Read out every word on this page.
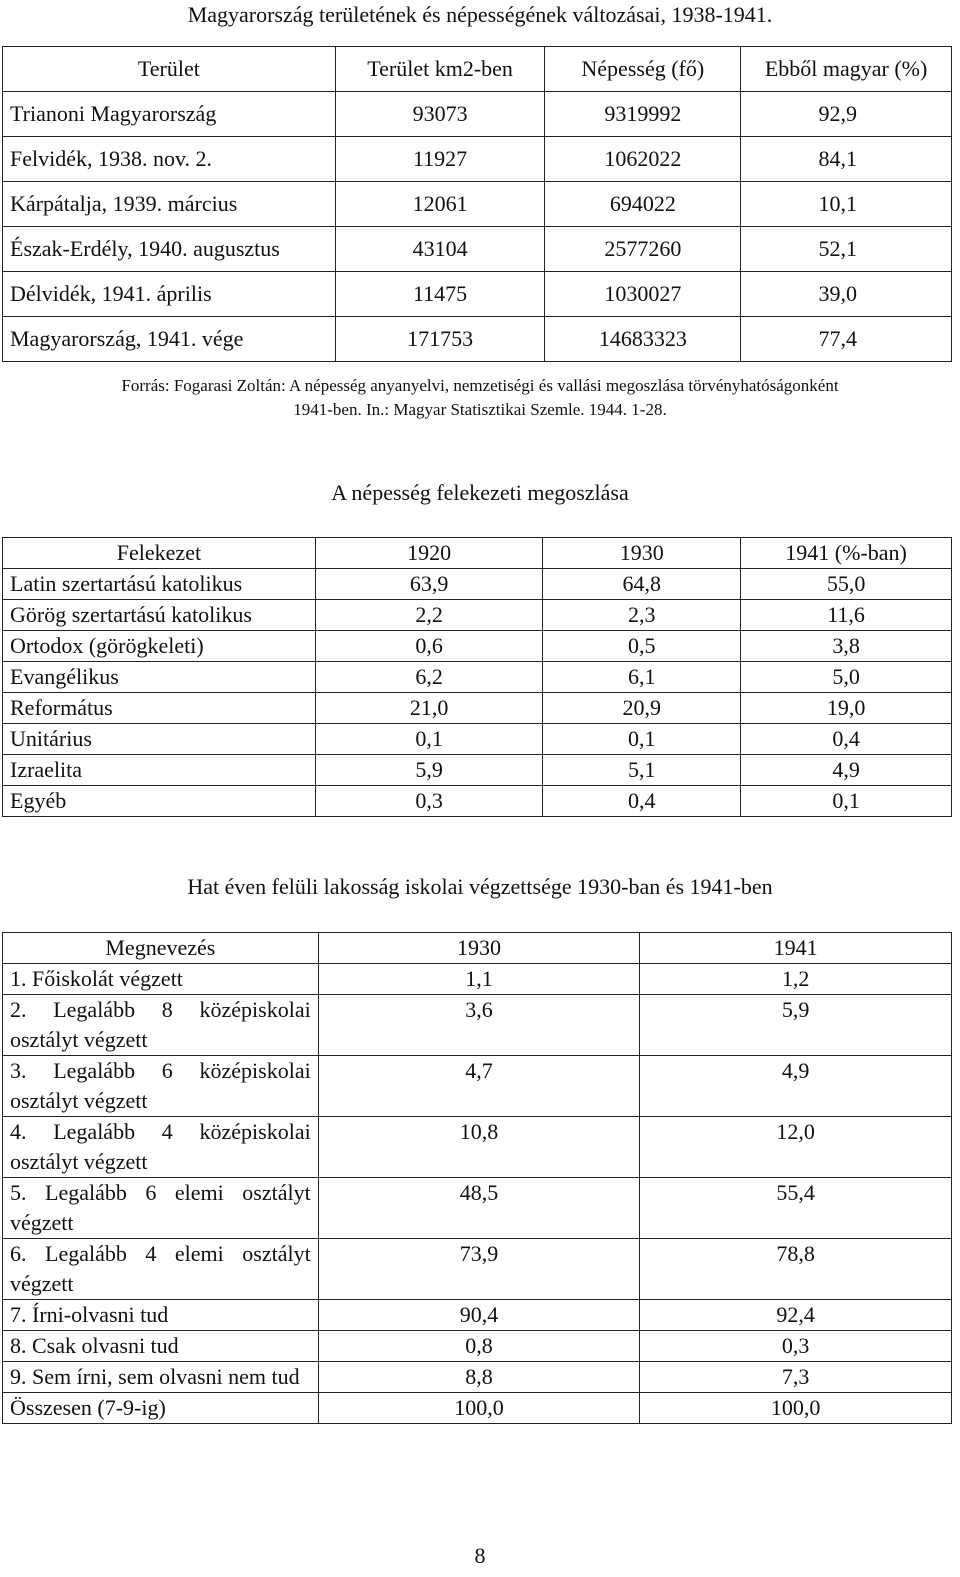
Magyarország területének és népességének változásai, 1938-1941.
Terület	Terület km2-ben	Népesség (fő)	Ebből magyar (%)
Trianoni Magyarország	93073	9319992	92,9
Felvidék, 1938. nov. 2.	11927	1062022	84,1
Kárpátalja, 1939. március	12061	694022	10,1
Észak-Erdély, 1940. augusztus	43104	2577260	52,1
Délvidék, 1941. április	11475	1030027	39,0
Magyarország, 1941. vége	171753	14683323	77,4
Forrás: Fogarasi Zoltán: A népesség anyanyelvi, nemzetiségi és vallási megoszlása törvényhatóságonként
1941-ben. In.: Magyar Statisztikai Szemle. 1944. 1-28.
A népesség felekezeti megoszlása
Felekezet	1920	1930	1941 (%-ban)
Latin szertartású katolikus	63,9	64,8	55,0
Görög szertartású katolikus	2,2	2,3	11,6
Ortodox (görögkeleti)	0,6	0,5	3,8
Evangélikus	6,2	6,1	5,0
Református	21,0	20,9	19,0
Unitárius	0,1	0,1	0,4
Izraelita	5,9	5,1	4,9
Egyéb	0,3	0,4	0,1
Hat éven felüli lakosság iskolai végzettsége 1930-ban és 1941-ben
Megnevezés	1930	1941
1. Főiskolát végzett	1,1	1,2
2. Legalább 8 középiskolai osztályt végzett	3,6	5,9
3. Legalább 6 középiskolai osztályt végzett	4,7	4,9
4. Legalább 4 középiskolai osztályt végzett	10,8	12,0
5. Legalább 6 elemi osztályt végzett	48,5	55,4
6. Legalább 4 elemi osztályt végzett	73,9	78,8
7. Írni-olvasni tud	90,4	92,4
8. Csak olvasni tud	0,8	0,3
9. Sem írni, sem olvasni nem tud	8,8	7,3
Összesen (7-9-ig)	100,0	100,0
8
